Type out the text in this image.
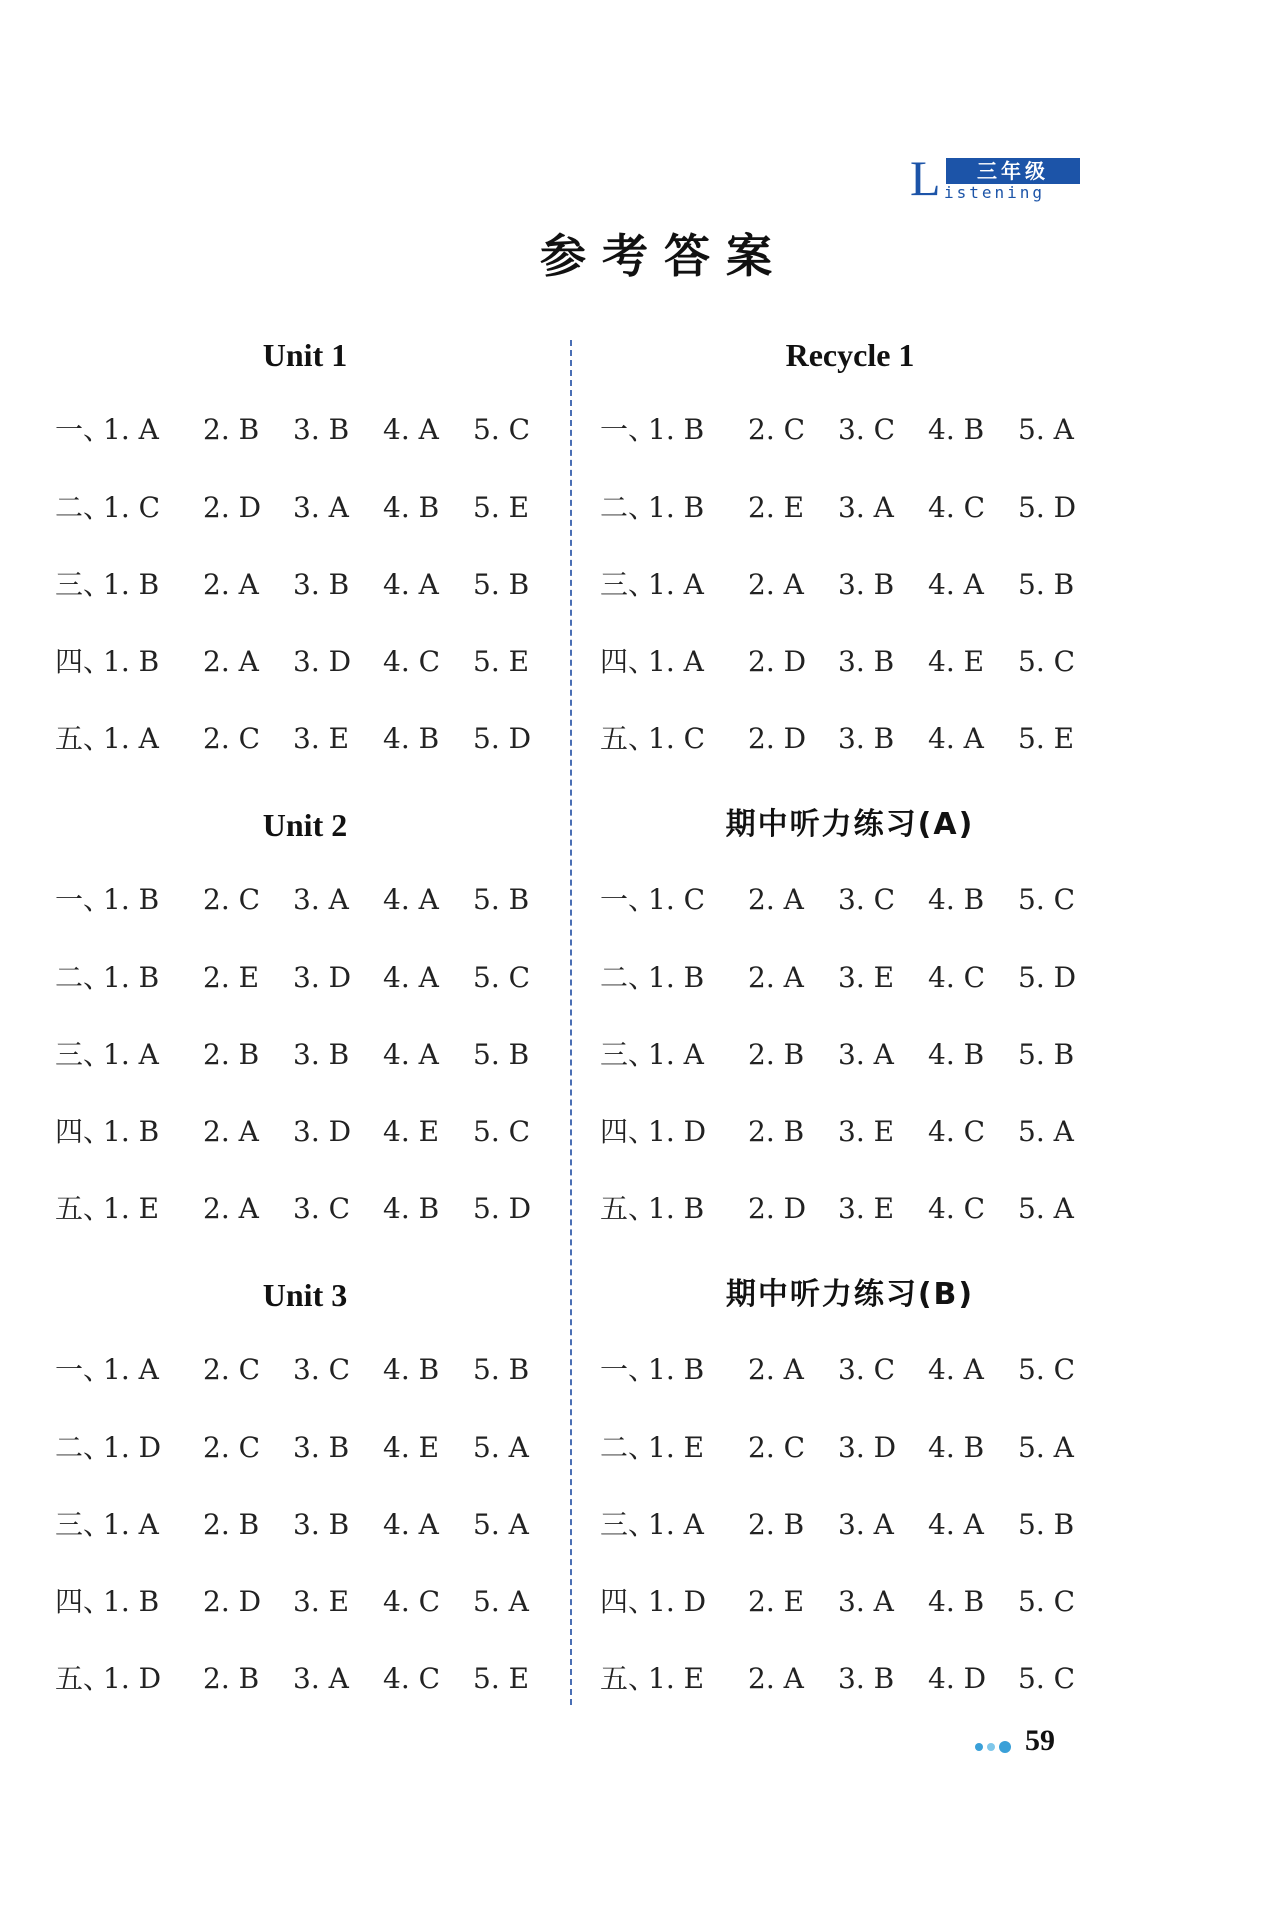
L	三年级
istening
参考答案
Unit 1
一、
1. A 2. B 3. B 4. A 5. C
二、
1. C 2. D 3. A 4. B 5. E
三、
1. B 2. A 3. B 4. A 5. B
四、
1. B 2. A 3. D 4. C 5. E
五、
1. A 2. C 3. E 4. B 5. D
Unit 2
一、
1. B 2. C 3. A 4. A 5. B
二、
1. B 2. E 3. D 4. A 5. C
三、
1. A 2. B 3. B 4. A 5. B
四、
1. B 2. A 3. D 4. E 5. C
五、
1. E 2. A 3. C 4. B 5. D
Unit 3
一、
1. A 2. C 3. C 4. B 5. B
二、
1. D 2. C 3. B 4. E 5. A
三、
1. A 2. B 3. B 4. A 5. A
四、
1. B 2. D 3. E 4. C 5. A
五、
1. D 2. B 3. A 4. C 5. E
Recycle 1
一、
1. B 2. C 3. C 4. B 5. A
二、
1. B 2. E 3. A 4. C 5. D
三、
1. A 2. A 3. B 4. A 5. B
四、
1. A 2. D 3. B 4. E 5. C
五、
1. C 2. D 3. B 4. A 5. E
期中听力练习(A)
一、
1. C 2. A 3. C 4. B 5. C
二、
1. B 2. A 3. E 4. C 5. D
三、
1. A 2. B 3. A 4. B 5. B
四、
1. D 2. B 3. E 4. C 5. A
五、
1. B 2. D 3. E 4. C 5. A
期中听力练习(B)
一、
1. B 2. A 3. C 4. A 5. C
二、
1. E 2. C 3. D 4. B 5. A
三、
1. A 2. B 3. A 4. A 5. B
四、
1. D 2. E 3. A 4. B 5. C
五、
1. E 2. A 3. B 4. D 5. C
59
